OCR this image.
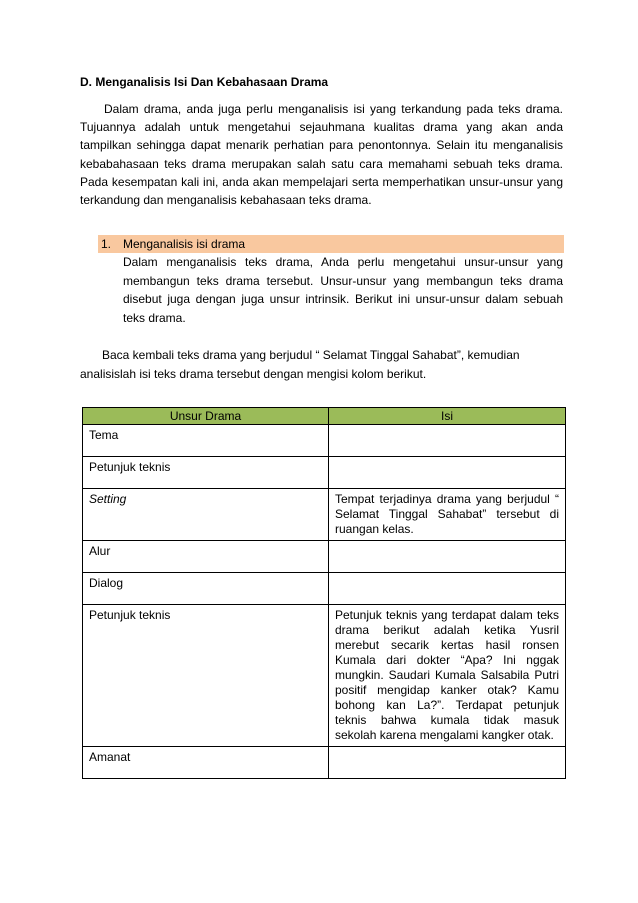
D. Menganalisis Isi Dan Kebahasaan Drama
Dalam drama, anda juga perlu menganalisis isi yang terkandung pada teks drama. Tujuannya adalah untuk mengetahui sejauhmana kualitas drama yang akan anda tampilkan sehingga dapat menarik perhatian para penontonnya. Selain itu menganalisis kebabahasaan teks drama merupakan salah satu cara memahami sebuah teks drama. Pada kesempatan kali ini, anda akan mempelajari serta memperhatikan unsur-unsur yang terkandung dan menganalisis kebahasaan teks drama.
1. Menganalisis isi drama
Dalam menganalisis teks drama, Anda perlu mengetahui unsur-unsur yang membangun teks drama tersebut. Unsur-unsur yang membangun teks drama disebut juga dengan juga unsur intrinsik. Berikut ini unsur-unsur dalam sebuah teks drama.
Baca kembali teks drama yang berjudul “ Selamat Tinggal Sahabat”, kemudian analisislah isi teks drama tersebut dengan mengisi kolom berikut.
Unsur Drama	Isi
Tema	
Petunjuk teknis	
Setting	Tempat terjadinya drama yang berjudul “ Selamat Tinggal Sahabat” tersebut di ruangan kelas.
Alur	
Dialog	
Petunjuk teknis	Petunjuk teknis yang terdapat dalam teks drama berikut adalah ketika Yusril merebut secarik kertas hasil ronsen Kumala dari dokter “Apa? Ini nggak mungkin. Saudari Kumala Salsabila Putri positif mengidap kanker otak? Kamu bohong kan La?”. Terdapat petunjuk teknis bahwa kumala tidak masuk sekolah karena mengalami kangker otak.
Amanat	
